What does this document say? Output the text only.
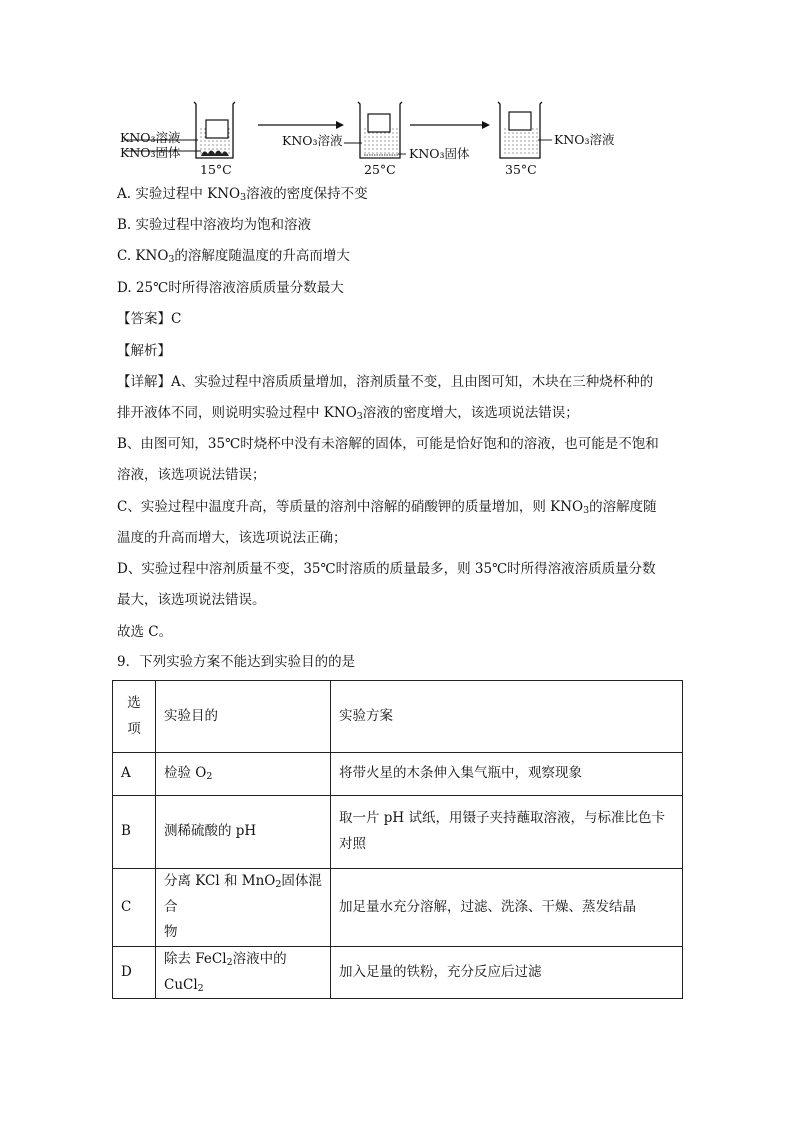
KNO₃溶液
KNO₃固体
15°C
KNO₃溶液
KNO₃固体
25°C
KNO₃溶液
35°C
A. 实验过程中 $KNO_3$溶液的密度保持不变
B. 实验过程中溶液均为饱和溶液
C. $KNO_3$的溶解度随温度的升高而增大
D. 25℃时所得溶液溶质质量分数最大
【答案】C
【解析】
【详解】A、实验过程中溶质质量增加，溶剂质量不变，且由图可知，木块在三种烧杯种的
排开液体不同，则说明实验过程中 $KNO_3$溶液的密度增大，该选项说法错误；
B、由图可知，35℃时烧杯中没有未溶解的固体，可能是恰好饱和的溶液，也可能是不饱和
溶液，该选项说法错误；
C、实验过程中温度升高，等质量的溶剂中溶解的硝酸钾的质量增加，则 $KNO_3$的溶解度随
温度的升高而增大，该选项说法正确；
D、实验过程中溶剂质量不变，35℃时溶质的质量最多，则 35℃时所得溶液溶质质量分数
最大，该选项说法错误。
故选 C。
9．下列实验方案不能达到实验目的的是
选
项	实验目的	实验方案
A	检验 $O_2$	将带火星的木条伸入集气瓶中，观察现象
B	测稀硫酸的 pH	取一片 pH 试纸，用镊子夹持蘸取溶液，与标准比色卡
对照
C	分离 KCl 和 MnO$_2$固体混合
物	加足量水充分溶解，过滤、洗涤、干燥、蒸发结晶
D	除去 FeCl$_2$溶液中的 CuCl$_2$	加入足量的铁粉，充分反应后过滤
